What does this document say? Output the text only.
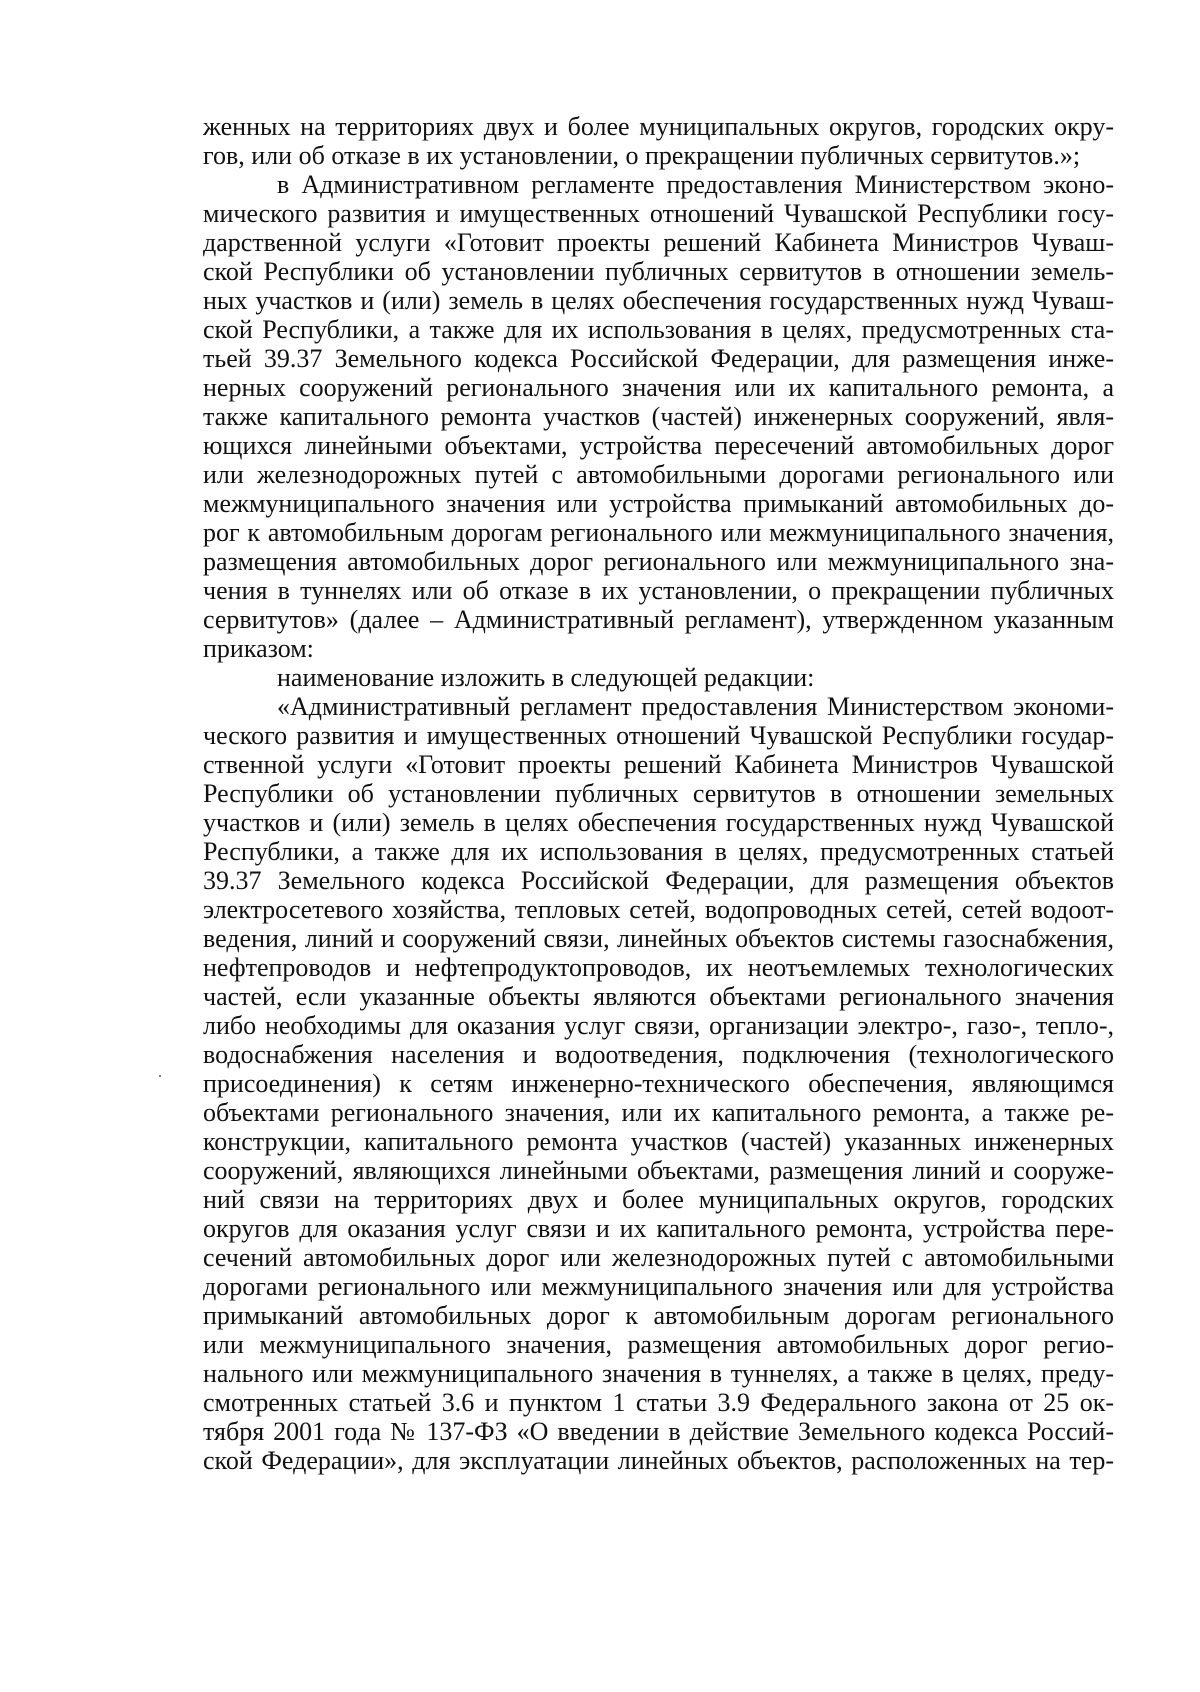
женных на территориях двух и более муниципальных округов, городских окру-
гов, или об отказе в их установлении, о прекращении публичных сервитутов.»;
в Административном регламенте предоставления Министерством эконо-
мического развития и имущественных отношений Чувашской Республики госу-
дарственной услуги «Готовит проекты решений Кабинета Министров Чуваш-
ской Республики об установлении публичных сервитутов в отношении земель-
ных участков и (или) земель в целях обеспечения государственных нужд Чуваш-
ской Республики, а также для их использования в целях, предусмотренных ста-
тьей 39.37 Земельного кодекса Российской Федерации, для размещения инже-
нерных сооружений регионального значения или их капитального ремонта, а
также капитального ремонта участков (частей) инженерных сооружений, явля-
ющихся линейными объектами, устройства пересечений автомобильных дорог
или железнодорожных путей с автомобильными дорогами регионального или
межмуниципального значения или устройства примыканий автомобильных до-
рог к автомобильным дорогам регионального или межмуниципального значения,
размещения автомобильных дорог регионального или межмуниципального зна-
чения в туннелях или об отказе в их установлении, о прекращении публичных
сервитутов» (далее – Административный регламент), утвержденном указанным
приказом:
наименование изложить в следующей редакции:
«Административный регламент предоставления Министерством экономи-
ческого развития и имущественных отношений Чувашской Республики государ-
ственной услуги «Готовит проекты решений Кабинета Министров Чувашской
Республики об установлении публичных сервитутов в отношении земельных
участков и (или) земель в целях обеспечения государственных нужд Чувашской
Республики, а также для их использования в целях, предусмотренных статьей
39.37 Земельного кодекса Российской Федерации, для размещения объектов
электросетевого хозяйства, тепловых сетей, водопроводных сетей, сетей водоот-
ведения, линий и сооружений связи, линейных объектов системы газоснабжения,
нефтепроводов и нефтепродуктопроводов, их неотъемлемых технологических
частей, если указанные объекты являются объектами регионального значения
либо необходимы для оказания услуг связи, организации электро-, газо-, тепло-,
водоснабжения населения и водоотведения, подключения (технологического
присоединения) к сетям инженерно-технического обеспечения, являющимся
объектами регионального значения, или их капитального ремонта, а также ре-
конструкции, капитального ремонта участков (частей) указанных инженерных
сооружений, являющихся линейными объектами, размещения линий и сооруже-
ний связи на территориях двух и более муниципальных округов, городских
округов для оказания услуг связи и их капитального ремонта, устройства пере-
сечений автомобильных дорог или железнодорожных путей с автомобильными
дорогами регионального или межмуниципального значения или для устройства
примыканий автомобильных дорог к автомобильным дорогам регионального
или межмуниципального значения, размещения автомобильных дорог регио-
нального или межмуниципального значения в туннелях, а также в целях, преду-
смотренных статьей 3.6 и пунктом 1 статьи 3.9 Федерального закона от 25 ок-
тября 2001 года № 137-ФЗ «О введении в действие Земельного кодекса Россий-
ской Федерации», для эксплуатации линейных объектов, расположенных на тер-
